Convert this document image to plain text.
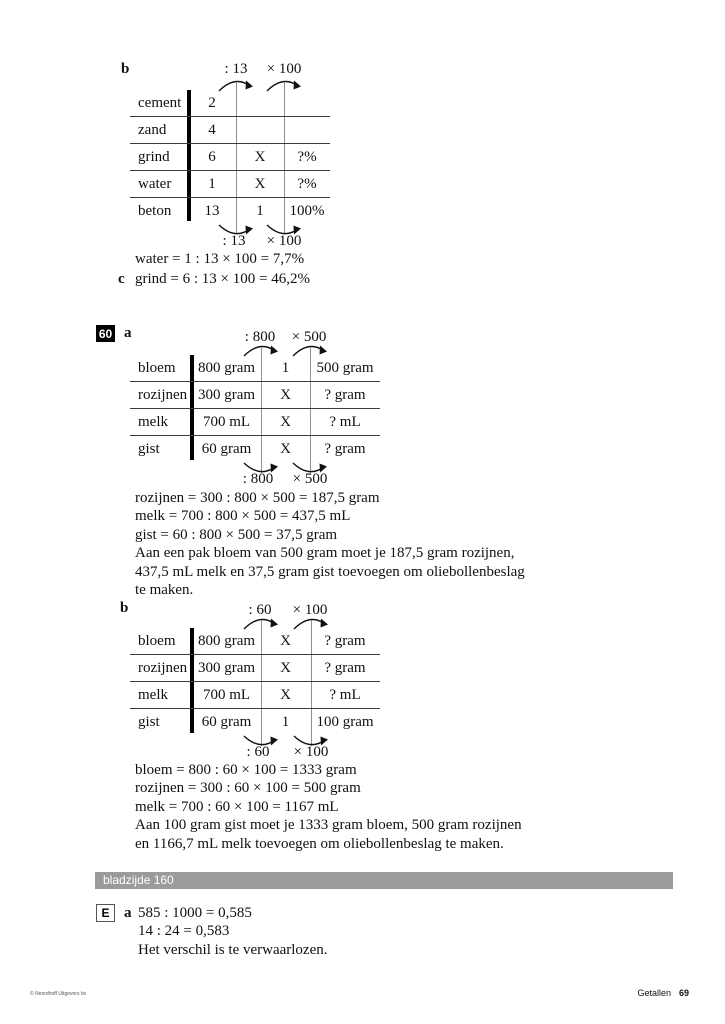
b	: 13 × 100
cement	2
zand	4
grind	6	X	?%
water	1	X	?%
beton	13	1	100%
: 13 × 100
water = 1 : 13 × 100 = 7,7%
c grind = 6 : 13 × 100 = 46,2%
60 a	: 800 × 500
bloem	800 gram	1	500 gram
rozijnen 300 gram	X	? gram
melk	700 mL	X	? mL
gist	60 gram	X	? gram
: 800 × 500
rozijnen = 300 : 800 × 500 = 187,5 gram
melk = 700 : 800 × 500 = 437,5 mL
gist = 60 : 800 × 500 = 37,5 gram
Aan een pak bloem van 500 gram moet je 187,5 gram rozijnen,
437,5 mL melk en 37,5 gram gist toevoegen om oliebollenbeslag
te maken.
b	: 60 × 100
bloem	800 gram	X	? gram
rozijnen 300 gram	X	? gram
melk	700 mL	X	? mL
gist	60 gram	1	100 gram
: 60 × 100
bloem = 800 : 60 × 100 = 1333 gram
rozijnen = 300 : 60 × 100 = 500 gram
melk = 700 : 60 × 100 = 1167 mL
Aan 100 gram gist moet je 1333 gram bloem, 500 gram rozijnen
en 1166,7 mL melk toevoegen om oliebollenbeslag te maken.
bladzijde 160
E a 585 : 1000 = 0,585
14 : 24 = 0,583
Het verschil is te verwaarlozen.
© Noordhoff Uitgevers bv	Getallen 69
